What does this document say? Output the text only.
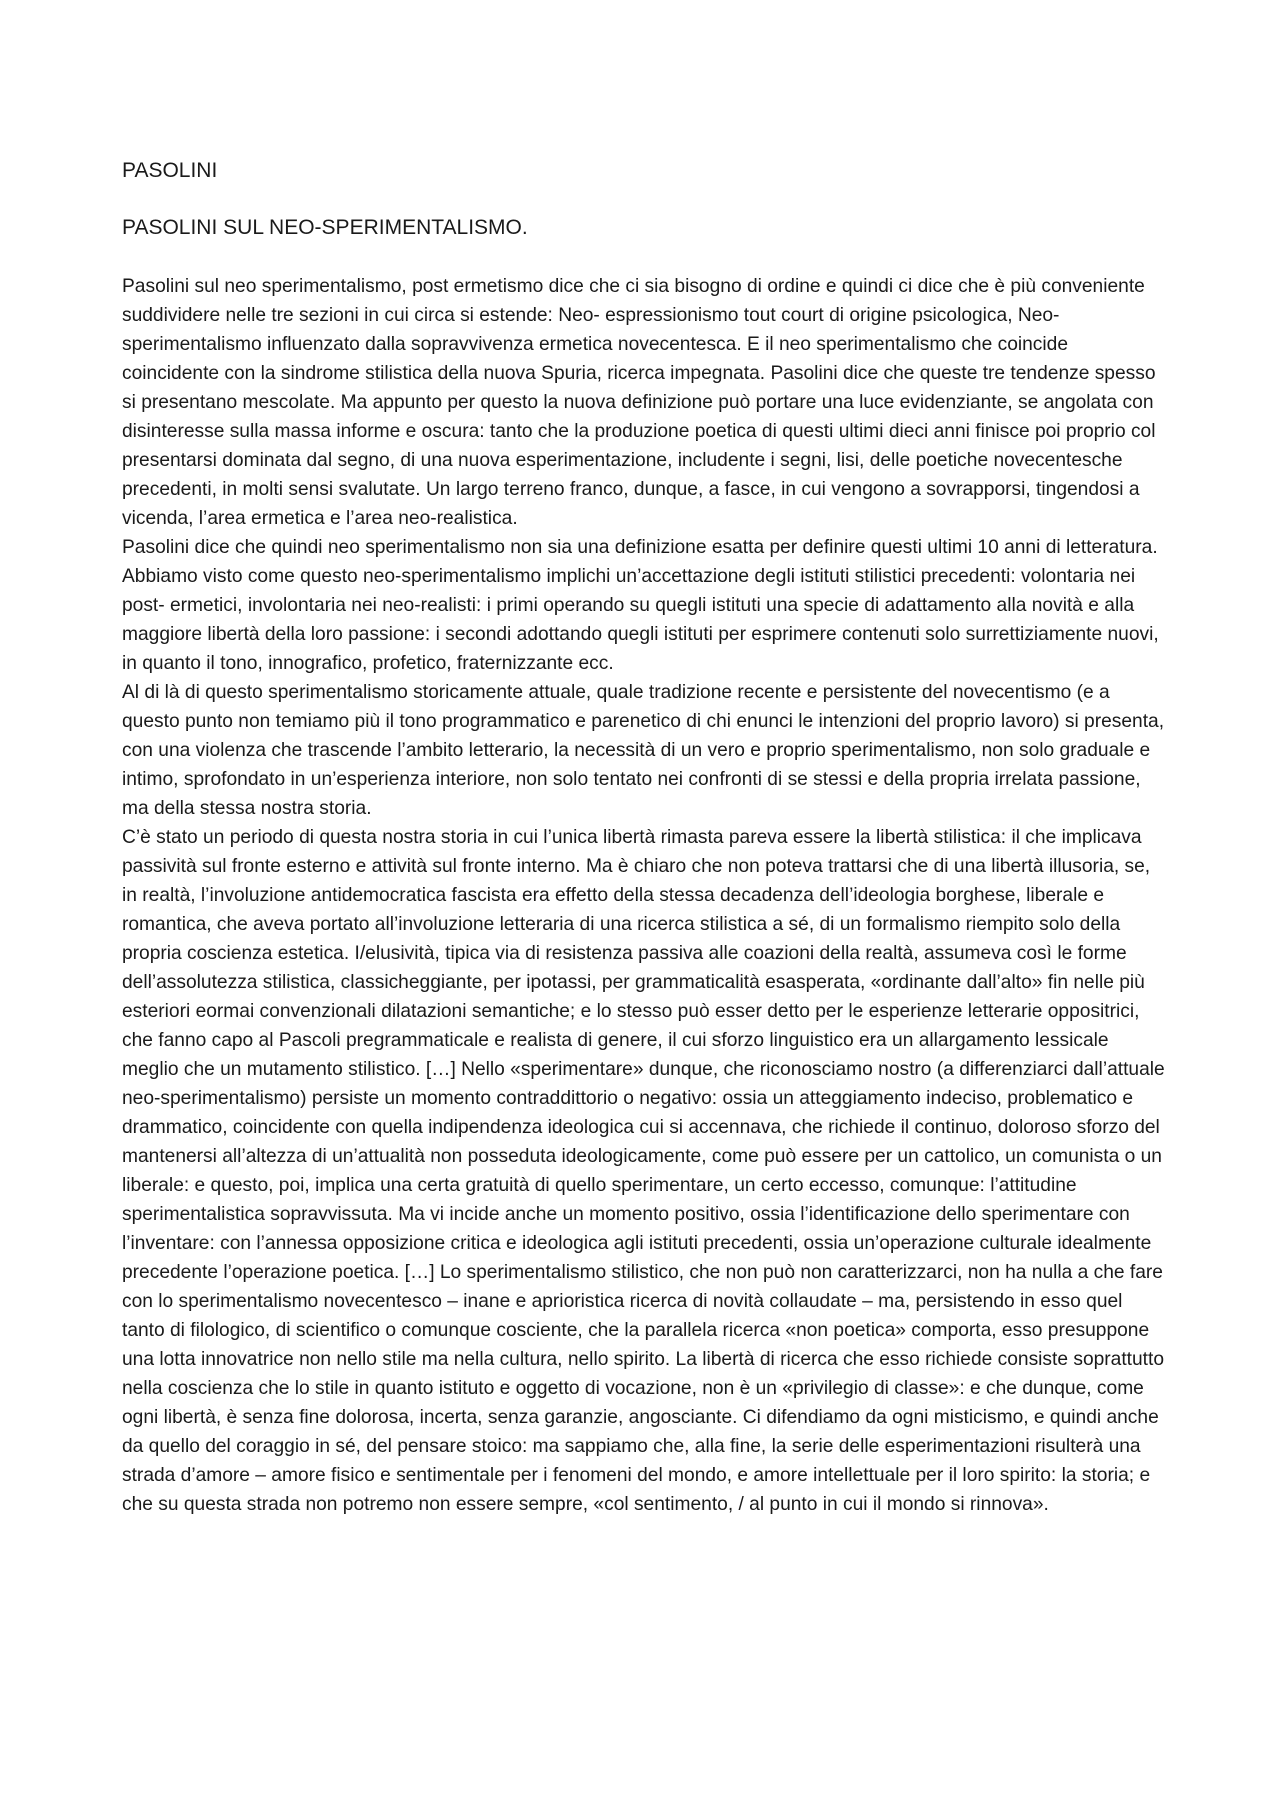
PASOLINI
PASOLINI SUL NEO-SPERIMENTALISMO.

Pasolini sul neo sperimentalismo, post ermetismo dice che ci sia bisogno di ordine e quindi ci dice che è più conveniente suddividere nelle tre sezioni in cui circa si estende: Neo- espressionismo tout court di origine psicologica, Neo- sperimentalismo influenzato dalla sopravvivenza ermetica novecentesca. E il neo sperimentalismo che coincide coincidente con la sindrome stilistica della nuova Spuria, ricerca impegnata. Pasolini dice che queste tre tendenze spesso si presentano mescolate. Ma appunto per questo la nuova definizione può portare una luce evidenziante, se angolata con disinteresse sulla massa informe e oscura: tanto che la produzione poetica di questi ultimi dieci anni finisce poi proprio col presentarsi dominata dal segno, di una nuova esperimentazione, includente i segni, lisi, delle poetiche novecentesche precedenti, in molti sensi svalutate. Un largo terreno franco, dunque, a fasce, in cui vengono a sovrapporsi, tingendosi a vicenda, l’area ermetica e l’area neo-realistica.

Pasolini dice che quindi neo sperimentalismo non sia una definizione esatta per definire questi ultimi 10 anni di letteratura. Abbiamo visto come questo neo-sperimentalismo implichi un’accettazione degli istituti stilistici precedenti: volontaria nei post- ermetici, involontaria nei neo-realisti: i primi operando su quegli istituti una specie di adattamento alla novità e alla maggiore libertà della loro passione: i secondi adottando quegli istituti per esprimere contenuti solo surrettiziamente nuovi, in quanto il tono, innografico, profetico, fraternizzante ecc.

Al di là di questo sperimentalismo storicamente attuale, quale tradizione recente e persistente del novecentismo (e a questo punto non temiamo più il tono programmatico e parenetico di chi enunci le intenzioni del proprio lavoro) si presenta, con una violenza che trascende l’ambito letterario, la necessità di un vero e proprio sperimentalismo, non solo graduale e intimo, sprofondato in un’esperienza interiore, non solo tentato nei confronti di se stessi e della propria irrelata passione, ma della stessa nostra storia.

C’è stato un periodo di questa nostra storia in cui l’unica libertà rimasta pareva essere la libertà stilistica: il che implicava passività sul fronte esterno e attività sul fronte interno. Ma è chiaro che non poteva trattarsi che di una libertà illusoria, se, in realtà, l’involuzione antidemocratica fascista era effetto della stessa decadenza dell’ideologia borghese, liberale e romantica, che aveva portato all’involuzione letteraria di una ricerca stilistica a sé, di un formalismo riempito solo della propria coscienza estetica. I/elusività, tipica via di resistenza passiva alle coazioni della realtà, assumeva così le forme dell’assolutezza stilistica, classicheggiante, per ipotassi, per grammaticalità esasperata, «ordinante dall’alto» fin nelle più esteriori eormai convenzionali dilatazioni semantiche; e lo stesso può esser detto per le esperienze letterarie oppositrici, che fanno capo al Pascoli pregrammaticale e realista di genere, il cui sforzo linguistico era un allargamento lessicale meglio che un mutamento stilistico. […] Nello «sperimentare» dunque, che riconosciamo nostro (a differenziarci dall’attuale neo-sperimentalismo) persiste un momento contraddittorio o negativo: ossia un atteggiamento indeciso, problematico e drammatico, coincidente con quella indipendenza ideologica cui si accennava, che richiede il continuo, doloroso sforzo del mantenersi all’altezza di un’attualità non posseduta ideologicamente, come può essere per un cattolico, un comunista o un liberale: e questo, poi, implica una certa gratuità di quello sperimentare, un certo eccesso, comunque: l’attitudine sperimentalistica sopravvissuta. Ma vi incide anche un momento positivo, ossia l’identificazione dello sperimentare con l’inventare: con l’annessa opposizione critica e ideologica agli istituti precedenti, ossia un’operazione culturale idealmente precedente l’operazione poetica. […] Lo sperimentalismo stilistico, che non può non caratterizzarci, non ha nulla a che fare con lo sperimentalismo novecentesco – inane e aprioristica ricerca di novità collaudate – ma, persistendo in esso quel tanto di filologico, di scientifico o comunque cosciente, che la parallela ricerca «non poetica» comporta, esso presuppone una lotta innovatrice non nello stile ma nella cultura, nello spirito. La libertà di ricerca che esso richiede consiste soprattutto nella coscienza che lo stile in quanto istituto e oggetto di vocazione, non è un «privilegio di classe»: e che dunque, come ogni libertà, è senza fine dolorosa, incerta, senza garanzie, angosciante. Ci difendiamo da ogni misticismo, e quindi anche da quello del coraggio in sé, del pensare stoico: ma sappiamo che, alla fine, la serie delle esperimentazioni risulterà una strada d’amore – amore fisico e sentimentale per i fenomeni del mondo, e amore intellettuale per il loro spirito: la storia; e che su questa strada non potremo non essere sempre, «col sentimento, / al punto in cui il mondo si rinnova».
